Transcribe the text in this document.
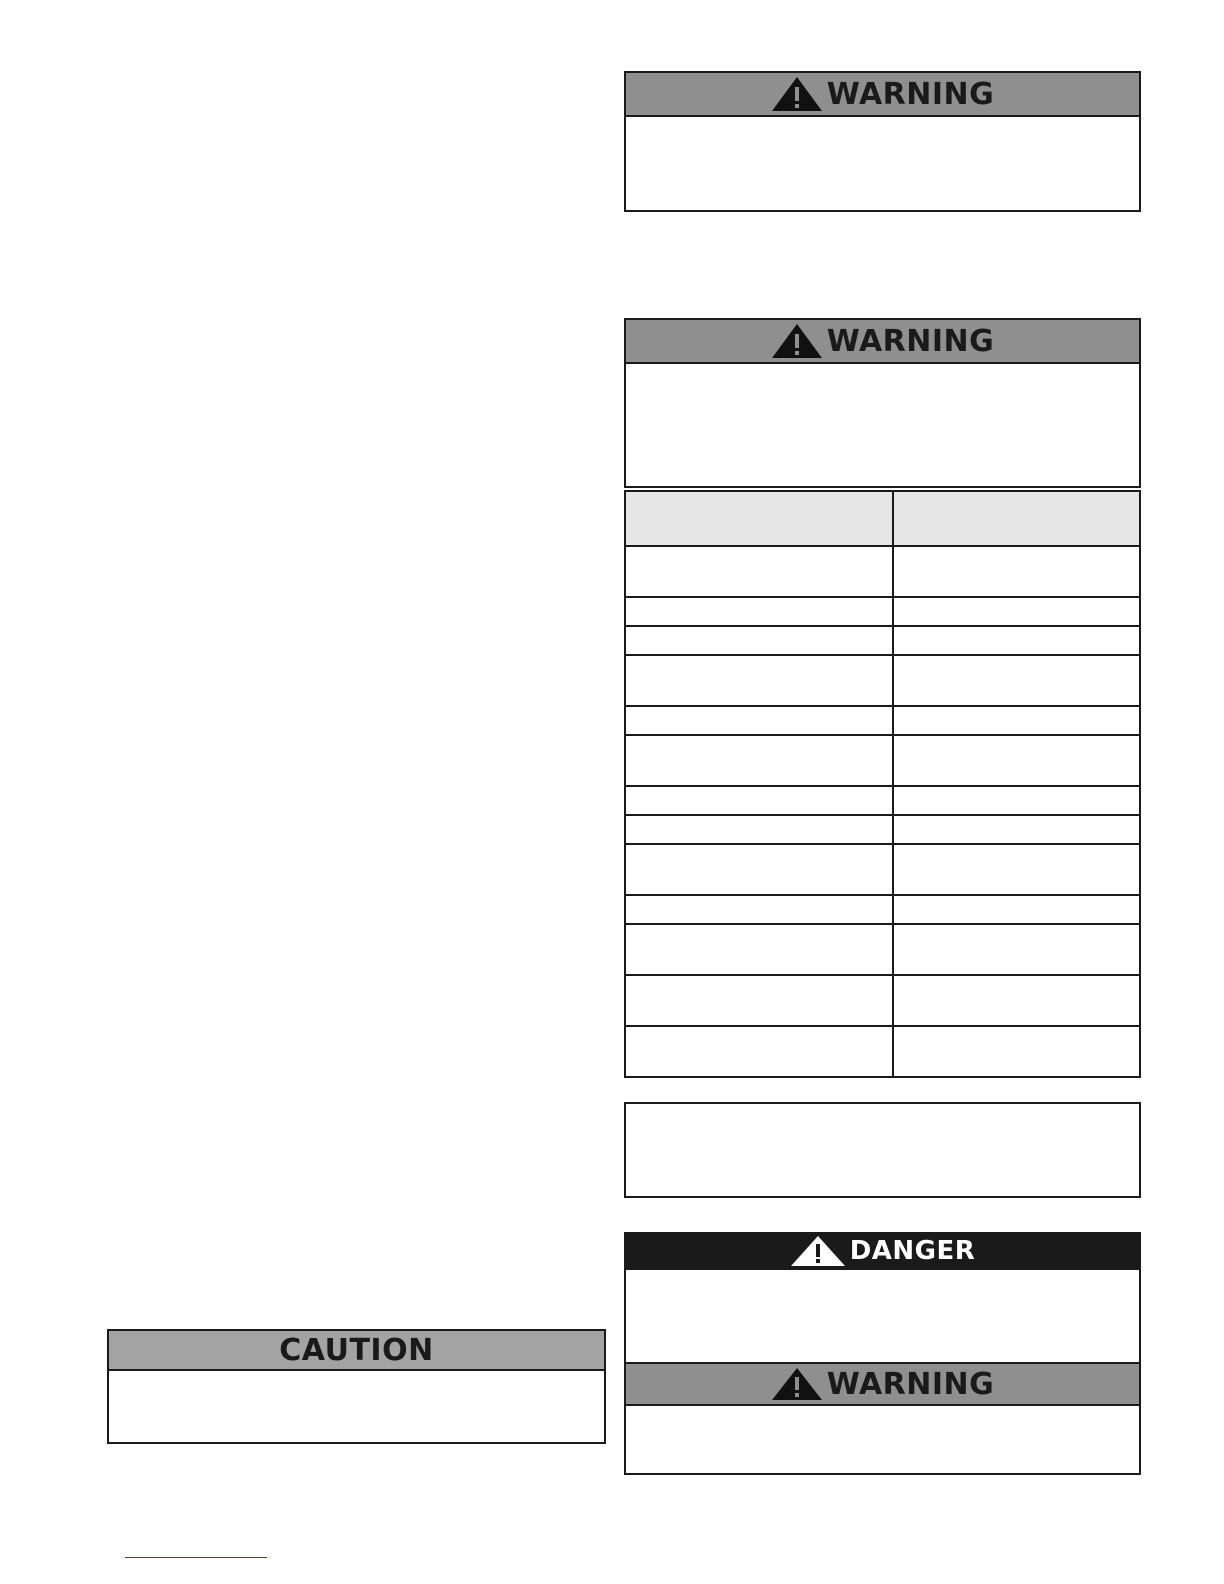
WARNING
WARNING

DANGER
WARNING
CAUTION
